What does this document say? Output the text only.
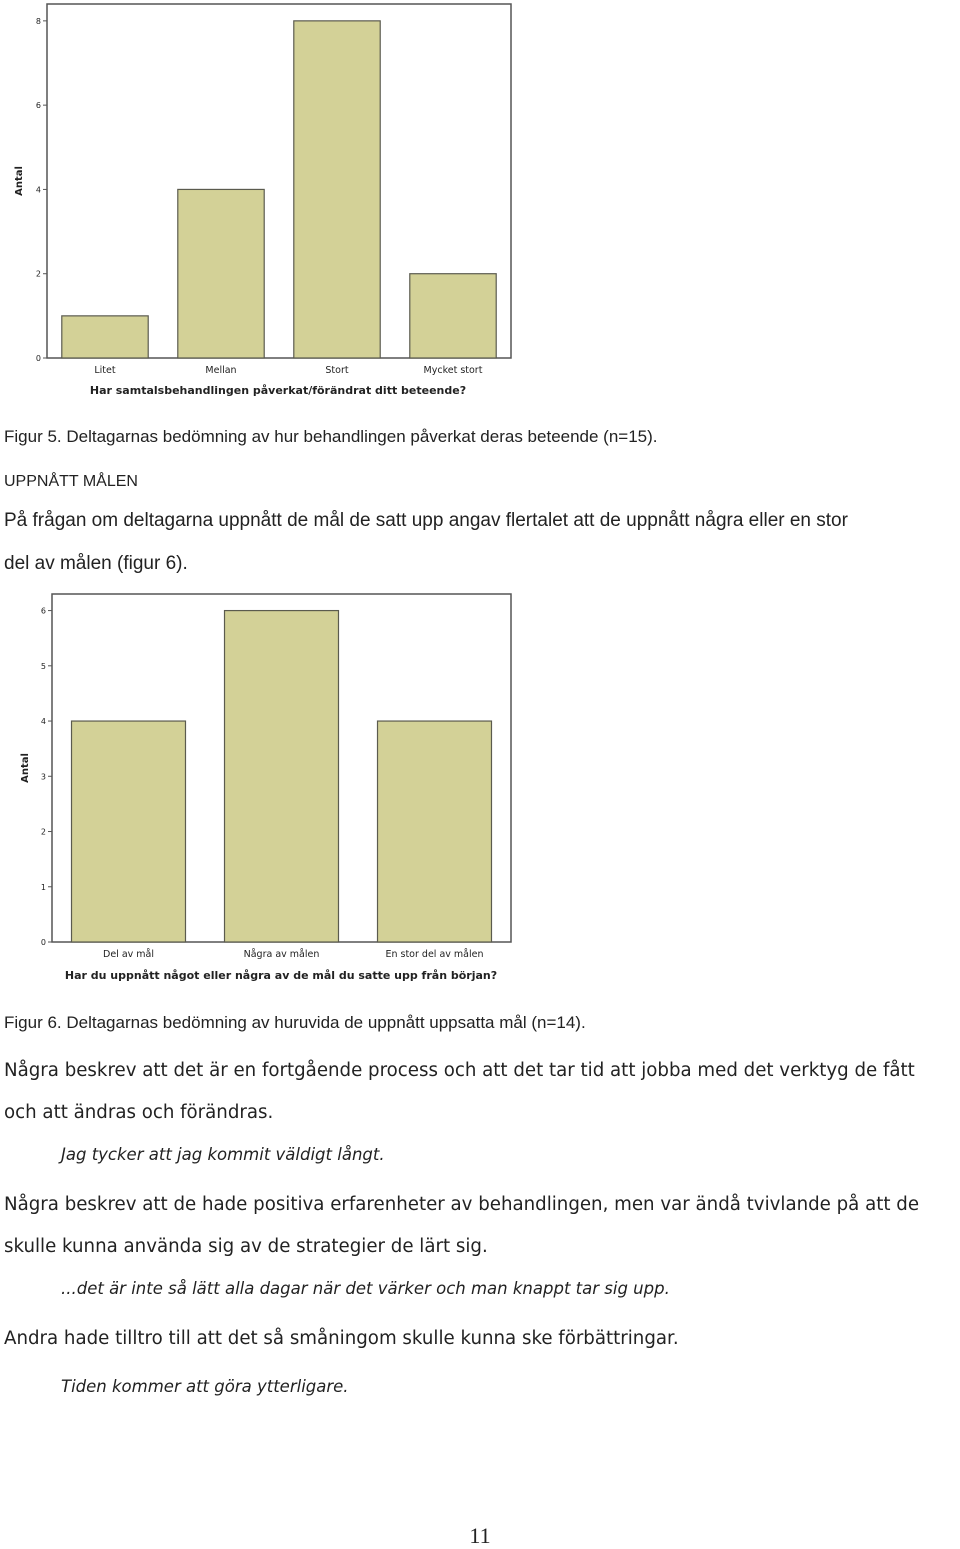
0
2
4
6
8
Litet	Mellan	Stort	Mycket stort
Antal
Har samtalsbehandlingen påverkat/förändrat ditt beteende?

Figur 5. Deltagarnas bedömning av hur behandlingen påverkat deras beteende (n=15).

UPPNÅTT MÅLEN

På frågan om deltagarna uppnått de mål de satt upp angav flertalet att de uppnått några eller en stor

del av målen (figur 6).

0
1
2
3
4
5
6
Del av mål	Några av målen	En stor del av målen
Antal
Har du uppnått något eller några av de mål du satte upp från början?

Figur 6. Deltagarnas bedömning av huruvida de uppnått uppsatta mål (n=14).

Några beskrev att det är en fortgående process och att det tar tid att jobba med det verktyg de fått

och att ändras och förändras.

Jag tycker att jag kommit väldigt långt.

Några beskrev att de hade positiva erfarenheter av behandlingen, men var ändå tvivlande på att de

skulle kunna använda sig av de strategier de lärt sig.

...det är inte så lätt alla dagar när det värker och man knappt tar sig upp.

Andra hade tilltro till att det så småningom skulle kunna ske förbättringar.

Tiden kommer att göra ytterligare.

11
